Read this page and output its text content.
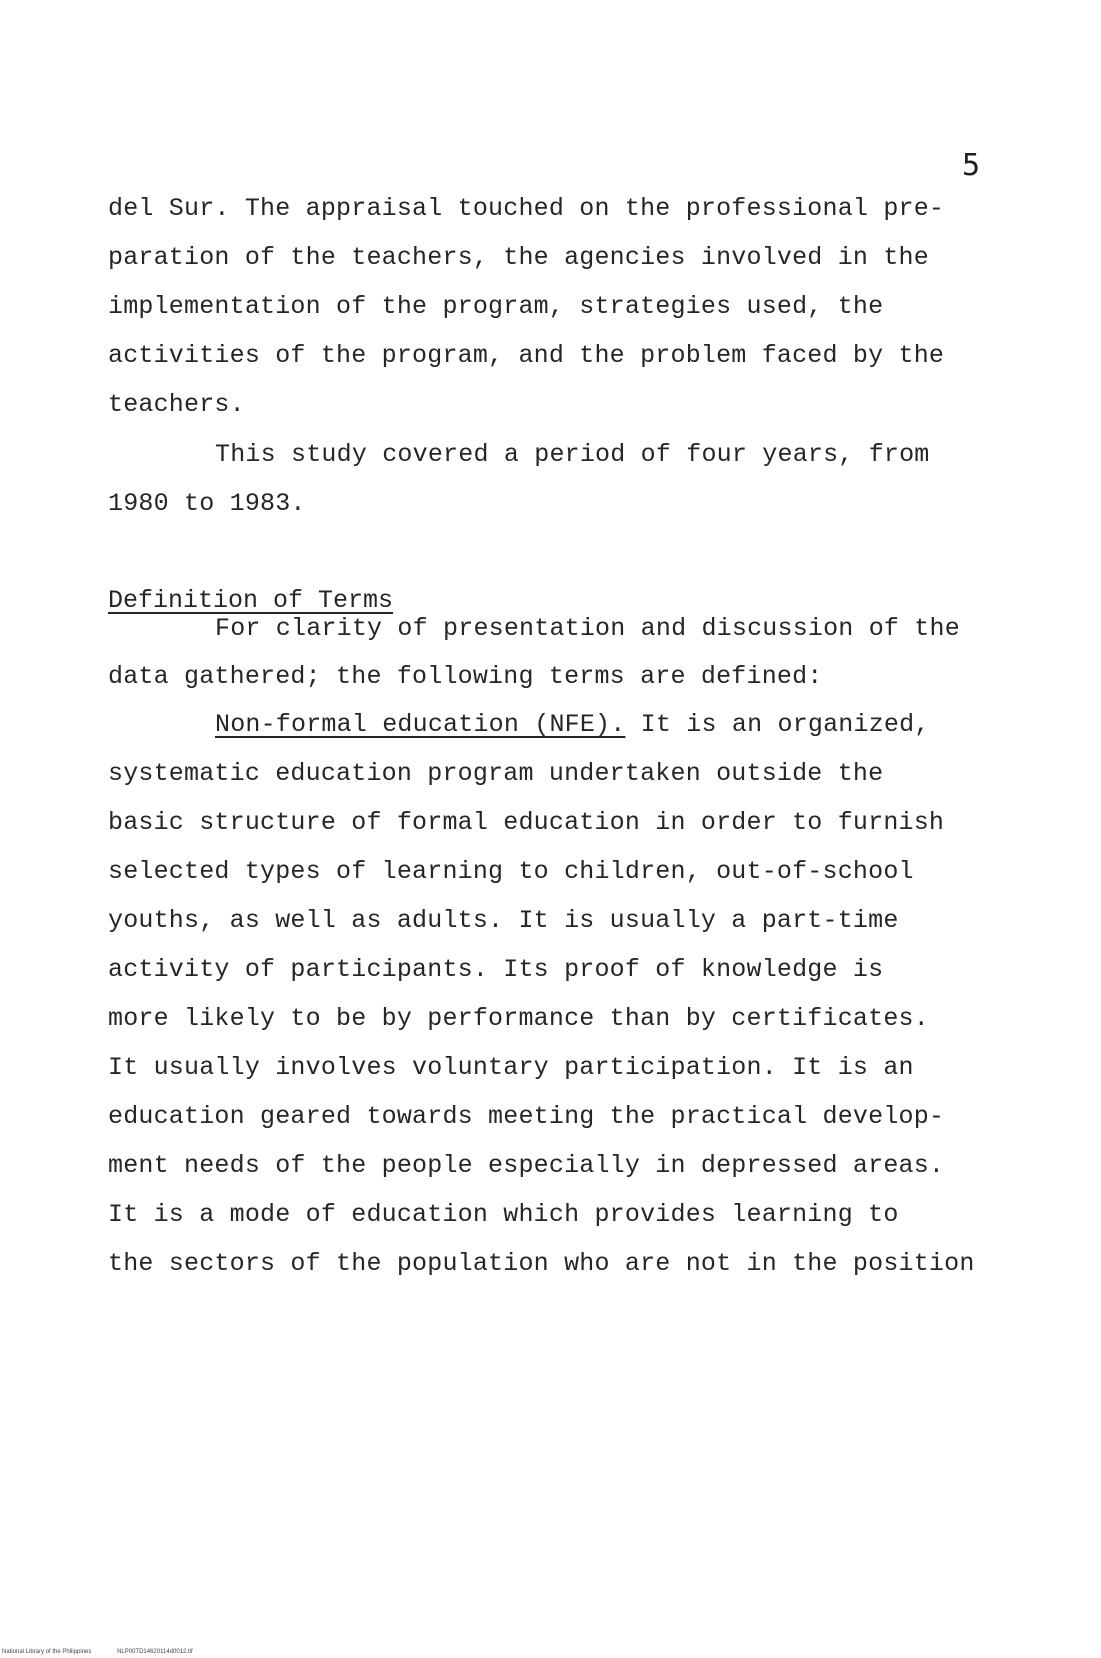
5
del Sur. The appraisal touched on the professional pre-
paration of the teachers, the agencies involved in the
implementation of the program, strategies used, the
activities of the program, and the problem faced by the
teachers.
This study covered a period of four years, from
1980 to 1983.
Definition of Terms
For clarity of presentation and discussion of the
data gathered; the following terms are defined:
Non-formal education (NFE). It is an organized,
systematic education program undertaken outside the
basic structure of formal education in order to furnish
selected types of learning to children, out-of-school
youths, as well as adults. It is usually a part-time
activity of participants. Its proof of knowledge is
more likely to be by performance than by certificates.
It usually involves voluntary participation. It is an
education geared towards meeting the practical develop-
ment needs of the people especially in depressed areas.
It is a mode of education which provides learning to
the sectors of the population who are not in the position
National Library of the Philippines	NLP00TD14620114d0012.tif
